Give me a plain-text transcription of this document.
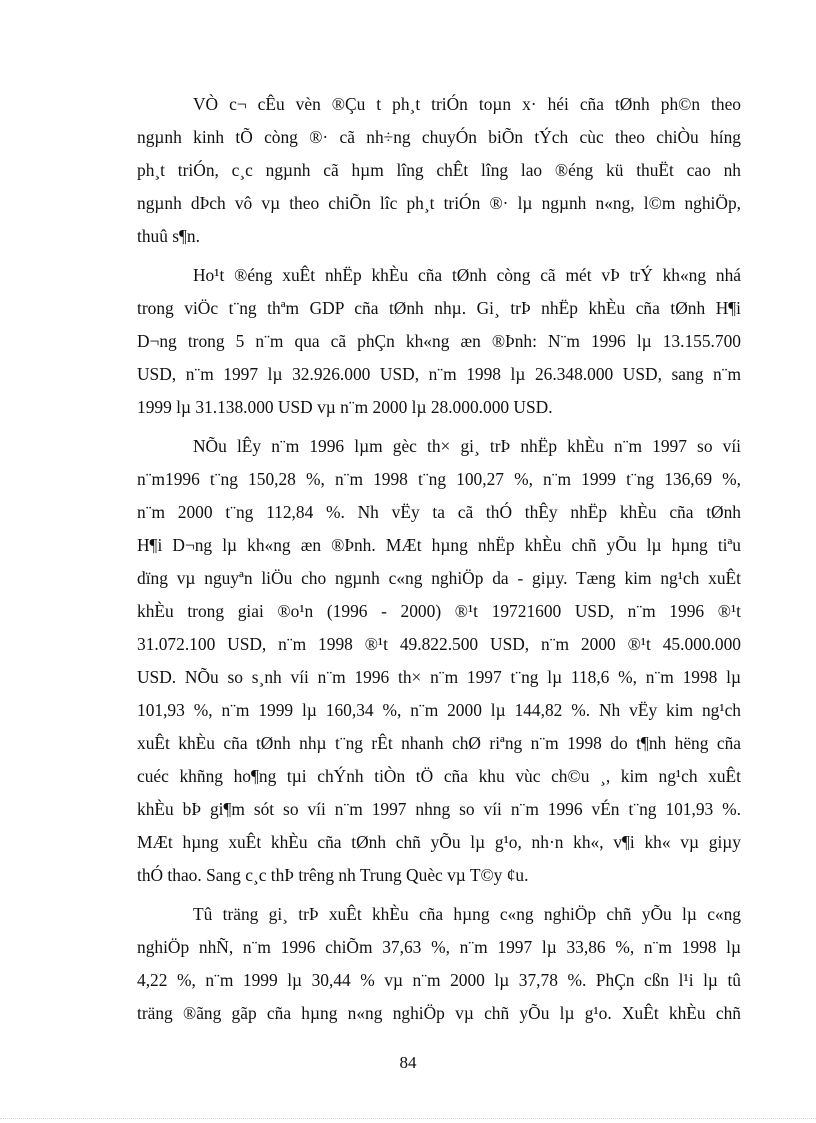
VÒ c¬ cÊu vèn ®Çu t ph¸t triÓn toµn x· héi cña tØnh ph©n theo
ngµnh kinh tÕ còng ®· cã nh÷ng chuyÓn biÕn tÝch cùc theo chiÒu híng
ph¸t triÓn, c¸c ngµnh cã hµm lîng chÊt lîng lao ®éng kü thuËt cao nh
ngµnh dÞch vô vµ theo chiÕn lîc ph¸t triÓn ®· lµ ngµnh n«ng, l©m nghiÖp,
thuû s¶n.

Ho¹t ®éng xuÊt nhËp khÈu cña tØnh còng cã mét vÞ trÝ kh«ng nhá
trong viÖc t¨ng thªm GDP cña tØnh nhµ. Gi¸ trÞ nhËp khÈu cña tØnh H¶i
D¬ng trong 5 n¨m qua cã phÇn kh«ng æn ®Þnh: N¨m 1996 lµ 13.155.700
USD, n¨m 1997 lµ 32.926.000 USD, n¨m 1998 lµ 26.348.000 USD, sang n¨m
1999 lµ 31.138.000 USD vµ n¨m 2000 lµ 28.000.000 USD.

NÕu lÊy n¨m 1996 lµm gèc th× gi¸ trÞ nhËp khÈu n¨m 1997 so víi
n¨m1996 t¨ng 150,28 %, n¨m 1998 t¨ng 100,27 %, n¨m 1999 t¨ng 136,69 %,
n¨m 2000 t¨ng 112,84 %. Nh vËy ta cã thÓ thÊy nhËp khÈu cña tØnh
H¶i D¬ng lµ kh«ng æn ®Þnh. MÆt hµng nhËp khÈu chñ yÕu lµ hµng tiªu
dïng vµ nguyªn liÖu cho ngµnh c«ng nghiÖp da - giµy. Tæng kim ng¹ch xuÊt
khÈu trong giai ®o¹n (1996 - 2000) ®¹t 19721600 USD, n¨m 1996 ®¹t
31.072.100 USD, n¨m 1998 ®¹t 49.822.500 USD, n¨m 2000 ®¹t 45.000.000
USD. NÕu so s¸nh víi n¨m 1996 th× n¨m 1997 t¨ng lµ 118,6 %, n¨m 1998 lµ
101,93 %, n¨m 1999 lµ 160,34 %, n¨m 2000 lµ 144,82 %. Nh vËy kim ng¹ch
xuÊt khÈu cña tØnh nhµ t¨ng rÊt nhanh chØ riªng n¨m 1998 do t¶nh hëng cña
cuéc khñng ho¶ng tµi chÝnh tiÒn tÖ cña khu vùc ch©u ¸, kim ng¹ch xuÊt
khÈu bÞ gi¶m sót so víi n¨m 1997 nhng so víi n¨m 1996 vÉn t¨ng 101,93 %.
MÆt hµng xuÊt khÈu cña tØnh chñ yÕu lµ g¹o, nh·n kh«, v¶i kh« vµ giµy
thÓ thao. Sang c¸c thÞ trêng nh Trung Quèc vµ T©y ¢u.

Tû träng gi¸ trÞ xuÊt khÈu cña hµng c«ng nghiÖp chñ yÕu lµ c«ng
nghiÖp nhÑ, n¨m 1996 chiÕm 37,63 %, n¨m 1997 lµ 33,86 %, n¨m 1998 lµ
4,22 %, n¨m 1999 lµ 30,44 % vµ n¨m 2000 lµ 37,78 %. PhÇn cßn l¹i lµ tû
träng ®ãng gãp cña hµng n«ng nghiÖp vµ chñ yÕu lµ g¹o. XuÊt khÈu chñ

84
